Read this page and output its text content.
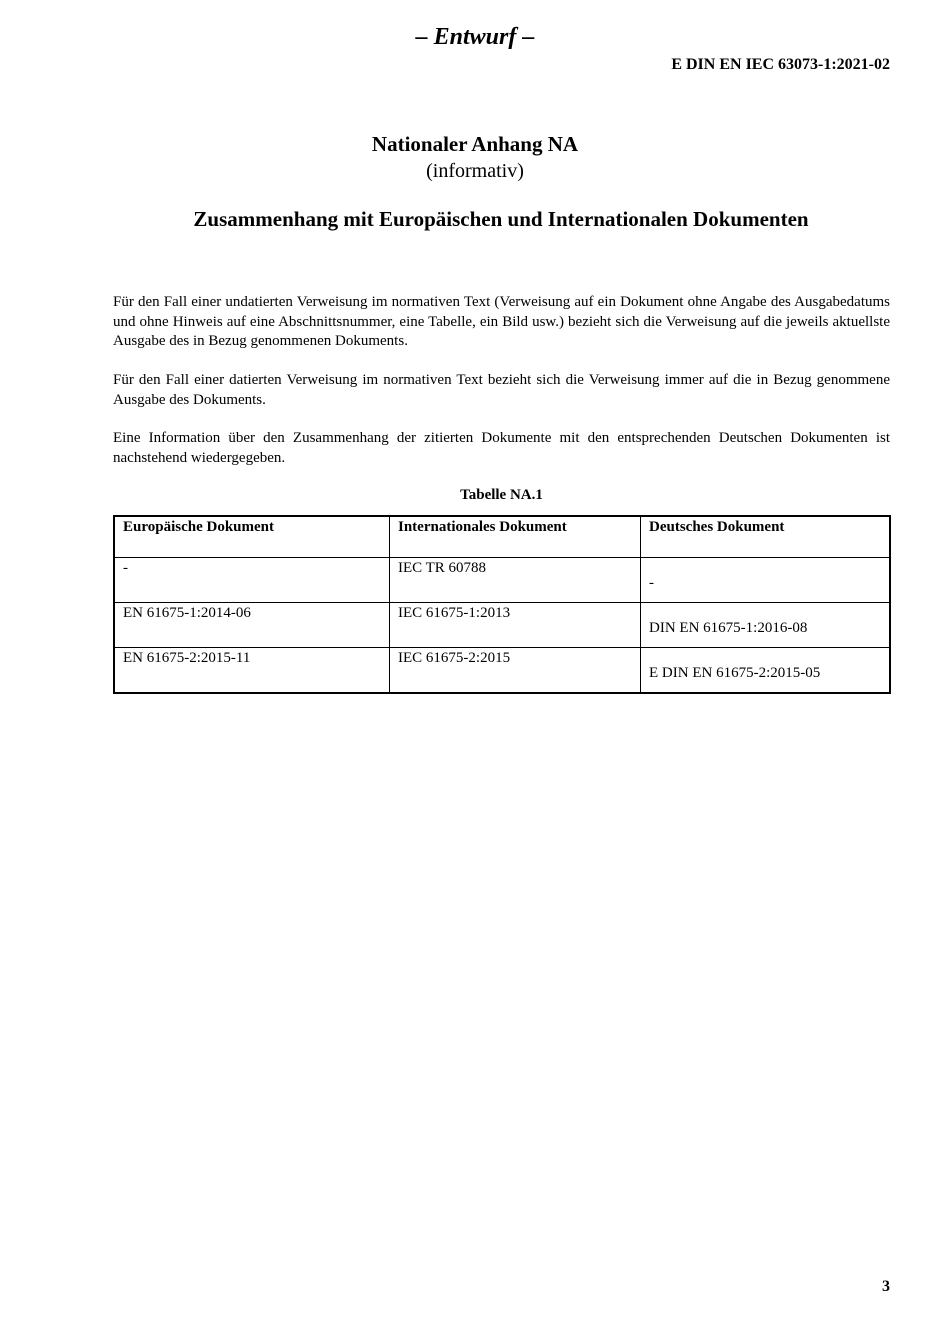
– Entwurf –
E DIN EN IEC 63073-1:2021-02
Nationaler Anhang NA
(informativ)
Zusammenhang mit Europäischen und Internationalen Dokumenten

Für den Fall einer undatierten Verweisung im normativen Text (Verweisung auf ein Dokument ohne Angabe des Ausgabedatums und ohne Hinweis auf eine Abschnittsnummer, eine Tabelle, ein Bild usw.) bezieht sich die Verweisung auf die jeweils aktuellste Ausgabe des in Bezug genommenen Dokuments.

Für den Fall einer datierten Verweisung im normativen Text bezieht sich die Verweisung immer auf die in Bezug genommene Ausgabe des Dokuments.

Eine Information über den Zusammenhang der zitierten Dokumente mit den entsprechenden Deutschen Dokumenten ist nachstehend wiedergegeben.

Tabelle NA.1
Europäische Dokument	Internationales Dokument	Deutsches Dokument
-	IEC TR 60788	-
EN 61675-1:2014-06	IEC 61675-1:2013	DIN EN 61675-1:2016-08
EN 61675-2:2015-11	IEC 61675-2:2015	E DIN EN 61675-2:2015-05
3
